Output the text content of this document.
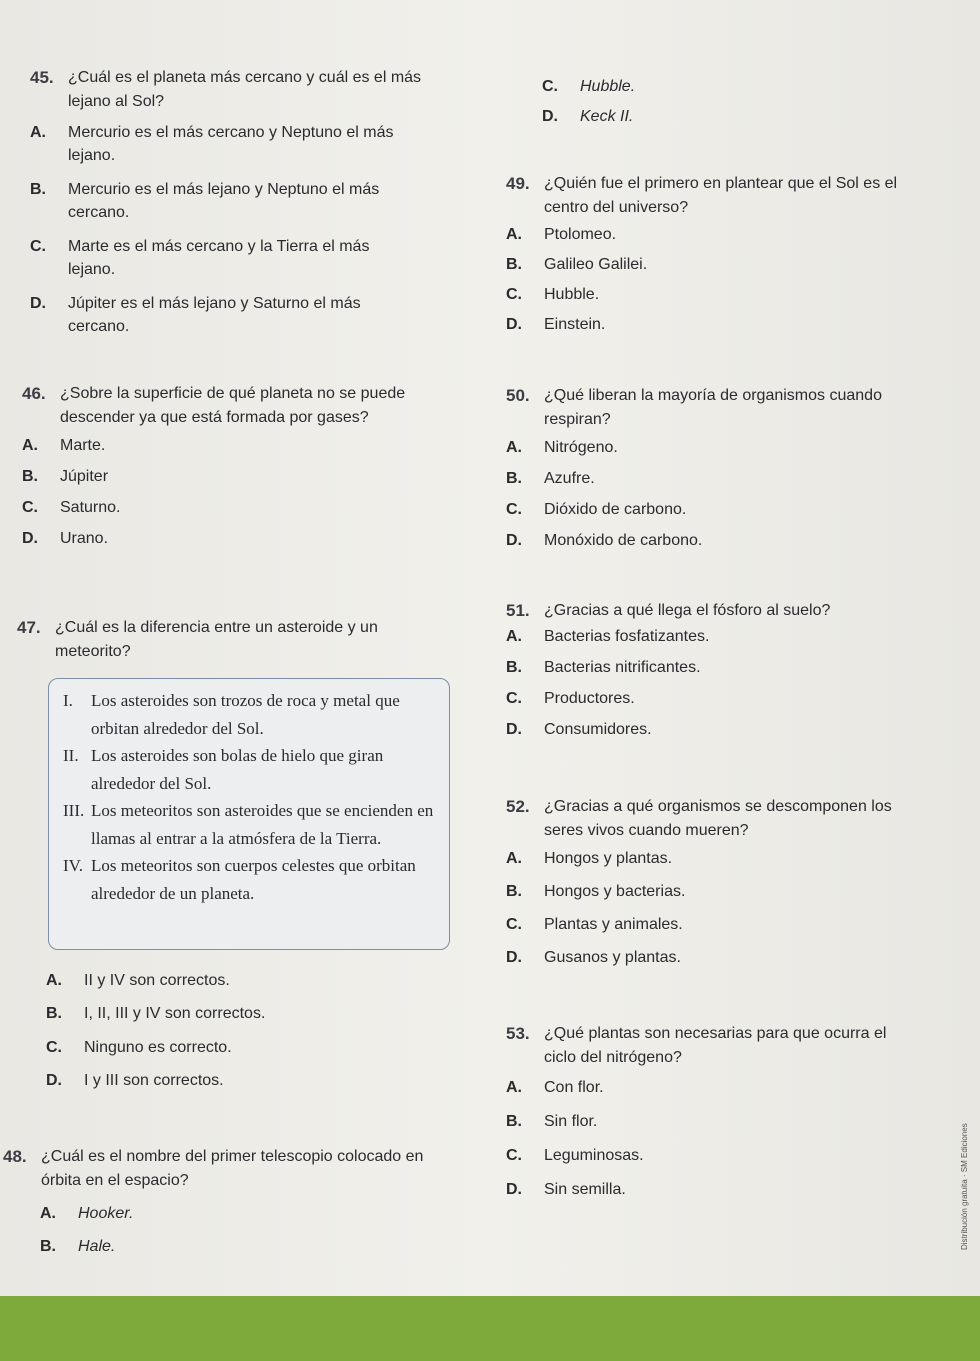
45. ¿Cuál es el planeta más cercano y cuál es el más lejano al Sol?
A. Mercurio es el más cercano y Neptuno el más lejano.
B. Mercurio es el más lejano y Neptuno el más cercano.
C. Marte es el más cercano y la Tierra el más lejano.
D. Júpiter es el más lejano y Saturno el más cercano.
46. ¿Sobre la superficie de qué planeta no se puede descender ya que está formada por gases?
A. Marte.
B. Júpiter
C. Saturno.
D. Urano.
47. ¿Cuál es la diferencia entre un asteroide y un meteorito?
I. Los asteroides son trozos de roca y metal que orbitan alrededor del Sol.
II. Los asteroides son bolas de hielo que giran alrededor del Sol.
III. Los meteoritos son asteroides que se encienden en llamas al entrar a la atmósfera de la Tierra.
IV. Los meteoritos son cuerpos celestes que orbitan alrededor de un planeta.
A. II y IV son correctos.
B. I, II, III y IV son correctos.
C. Ninguno es correcto.
D. I y III son correctos.
48. ¿Cuál es el nombre del primer telescopio colocado en órbita en el espacio?
A. Hooker.
B. Hale.
C. Hubble.
D. Keck II.
49. ¿Quién fue el primero en plantear que el Sol es el centro del universo?
A. Ptolomeo.
B. Galileo Galilei.
C. Hubble.
D. Einstein.
50. ¿Qué liberan la mayoría de organismos cuando respiran?
A. Nitrógeno.
B. Azufre.
C. Dióxido de carbono.
D. Monóxido de carbono.
51. ¿Gracias a qué llega el fósforo al suelo?
A. Bacterias fosfatizantes.
B. Bacterias nitrificantes.
C. Productores.
D. Consumidores.
52. ¿Gracias a qué organismos se descomponen los seres vivos cuando mueren?
A. Hongos y plantas.
B. Hongos y bacterias.
C. Plantas y animales.
D. Gusanos y plantas.
53. ¿Qué plantas son necesarias para que ocurra el ciclo del nitrógeno?
A. Con flor.
B. Sin flor.
C. Leguminosas.
D. Sin semilla.	Distribución gratuita · SM Ediciones
